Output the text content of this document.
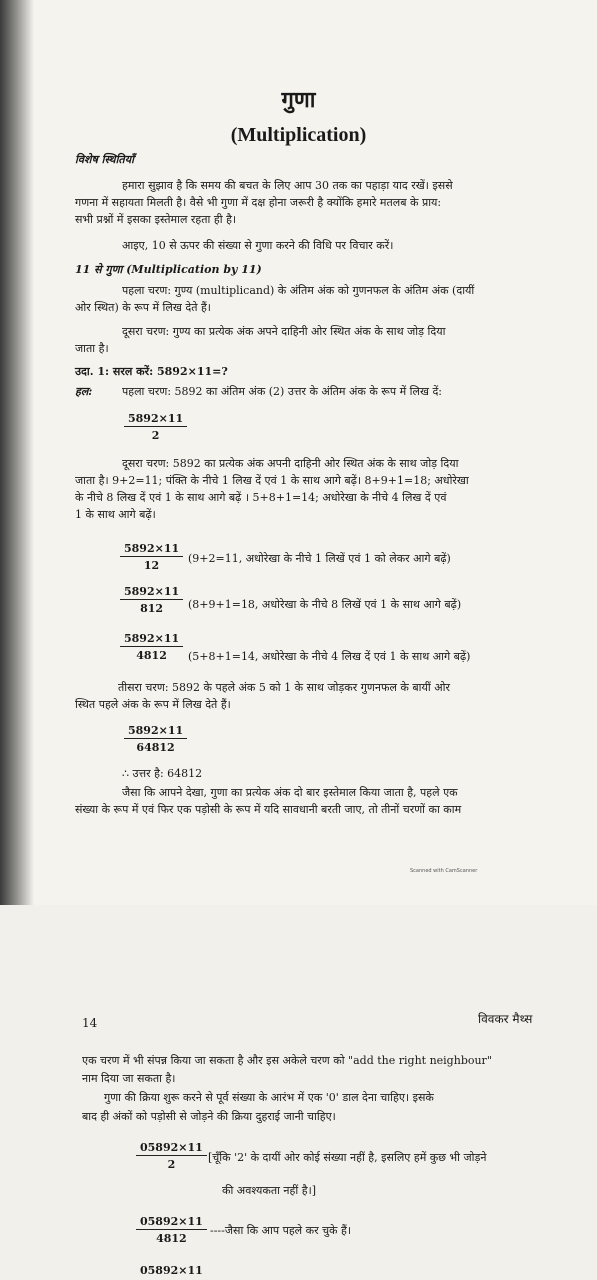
गुणा
(Multiplication)
विशेष स्थितियाँ
हमारा सुझाव है कि समय की बचत के लिए आप 30 तक का पहाड़ा याद रखें। इससे
गणना में सहायता मिलती है। वैसे भी गुणा में दक्ष होना जरूरी है क्योंकि हमारे मतलब के प्राय:
सभी प्रश्नों में इसका इस्तेमाल रहता ही है।
आइए, 10 से ऊपर की संख्या से गुणा करने की विधि पर विचार करें।
11 से गुणा (Multiplication by 11)
पहला चरण: गुण्य (multiplicand) के अंतिम अंक को गुणनफल के अंतिम अंक (दायीं
ओर स्थित) के रूप में लिख देते हैं।
दूसरा चरण: गुण्य का प्रत्येक अंक अपने दाहिनी ओर स्थित अंक के साथ जोड़ दिया
जाता है।
उदा. 1: सरल करें: 5892×11=?
हल:	पहला चरण: 5892 का अंतिम अंक (2) उत्तर के अंतिम अंक के रूप में लिख दें:
$\frac{5892\times 11}{2}$
दूसरा चरण: 5892 का प्रत्येक अंक अपनी दाहिनी ओर स्थित अंक के साथ जोड़ दिया
जाता है। 9+2=11; पंक्ति के नीचे 1 लिख दें एवं 1 के साथ आगे बढ़ें। 8+9+1=18; अधोरेखा
के नीचे 8 लिख दें एवं 1 के साथ आगे बढ़ें । 5+8+1=14; अधोरेखा के नीचे 4 लिख दें एवं
1 के साथ आगे बढ़ें।
$\frac{5892\times 11}{12} (9+2=11$, अधोरेखा के नीचे 1 लिखें एवं 1 को लेकर आगे बढ़ें)
$\frac{5892\times 11}{812} (8+9+1=18$, अधोरेखा के नीचे 8 लिखें एवं 1 के साथ आगे बढ़ें)
$\frac{5892\times 11}{4812} (5+8+1=14$, अधोरेखा के नीचे 4 लिख दें एवं 1 के साथ आगे बढ़ें)
तीसरा चरण: 5892 के पहले अंक 5 को 1 के साथ जोड़कर गुणनफल के बायीं ओर
स्थित पहले अंक के रूप में लिख देते हैं।
$\frac{5892\times 11}{64812}$
∴ उत्तर है: 64812
जैसा कि आपने देखा, गुणा का प्रत्येक अंक दो बार इस्तेमाल किया जाता है, पहले एक
संख्या के रूप में एवं फिर एक पड़ोसी के रूप में यदि सावधानी बरती जाए, तो तीनों चरणों का काम
Scanned with CamScanner
14	विवकर मैथ्स
एक चरण में भी संपन्न किया जा सकता है और इस अकेले चरण को "add the right neighbour"
नाम दिया जा सकता है।
गुणा की क्रिया शुरू करने से पूर्व संख्या के आरंभ में एक '0' डाल देना चाहिए। इसके
बाद ही अंकों को पड़ोसी से जोड़ने की क्रिया दुहराई जानी चाहिए।
$\frac{05892\times 11}{2}$ [चूँकि '2' के दायीं ओर कोई संख्या नहीं है, इसलिए हमें कुछ भी जोड़ने
की अवश्यकता नहीं है।]
$\frac{05892\times 11}{4812}$ ----जैसा कि आप पहले कर चुके हैं।
05892×11
